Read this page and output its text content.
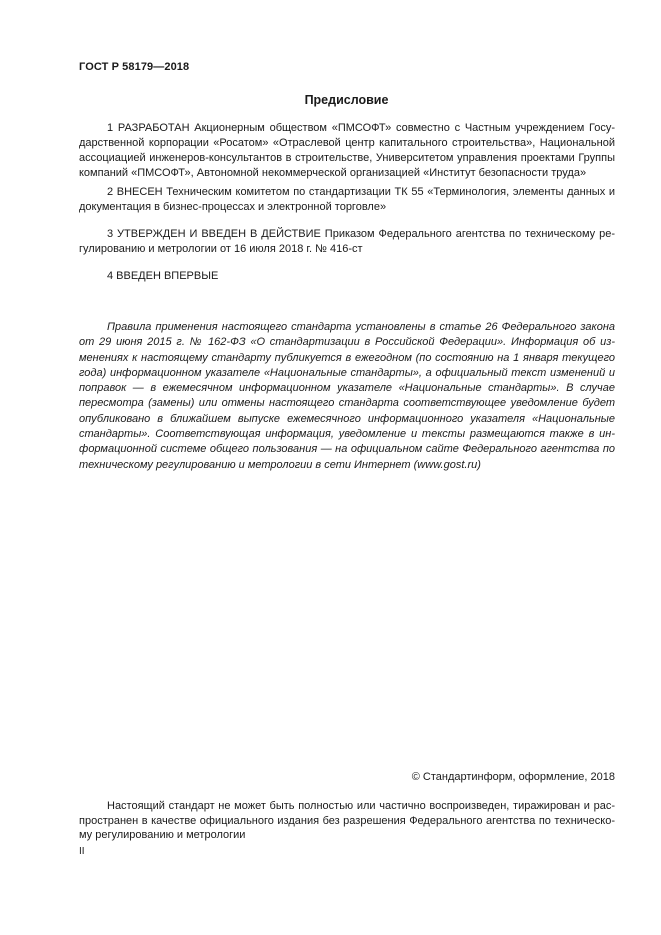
ГОСТ Р 58179—2018
Предисловие

1 РАЗРАБОТАН Акционерным обществом «ПМСОФТ» совместно с Частным учреждением Госу-дарственной корпорации «Росатом» «Отраслевой центр капитального строительства», Национальной ассоциацией инженеров-консультантов в строительстве, Университетом управления проектами Группы компаний «ПМСОФТ», Автономной некоммерческой организацией «Институт безопасности труда»

2 ВНЕСЕН Техническим комитетом по стандартизации ТК 55 «Терминология, элементы данных и документация в бизнес-процессах и электронной торговле»

3 УТВЕРЖДЕН И ВВЕДЕН В ДЕЙСТВИЕ Приказом Федерального агентства по техническому ре-гулированию и метрологии от 16 июля 2018 г. № 416-ст

4 ВВЕДЕН ВПЕРВЫЕ

Правила применения настоящего стандарта установлены в статье 26 Федерального закона от 29 июня 2015 г. № 162-ФЗ «О стандартизации в Российской Федерации». Информация об из-менениях к настоящему стандарту публикуется в ежегодном (по состоянию на 1 января текущего года) информационном указателе «Национальные стандарты», а официальный текст изменений и поправок — в ежемесячном информационном указателе «Национальные стандарты». В случае пересмотра (замены) или отмены настоящего стандарта соответствующее уведомление будет опубликовано в ближайшем выпуске ежемесячного информационного указателя «Национальные стандарты». Соответствующая информация, уведомление и тексты размещаются также в ин-формационной системе общего пользования — на официальном сайте Федерального агентства по техническому регулированию и метрологии в сети Интернет (www.gost.ru)

© Стандартинформ, оформление, 2018

Настоящий стандарт не может быть полностью или частично воспроизведен, тиражирован и рас-пространен в качестве официального издания без разрешения Федерального агентства по техническо-му регулированию и метрологии

II
